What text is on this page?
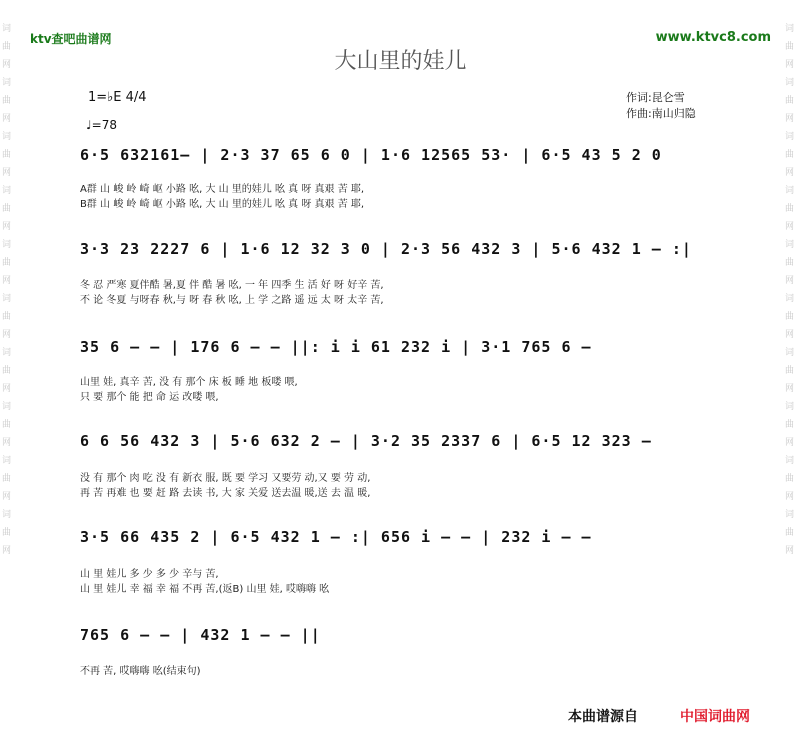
词曲网词曲网词曲网词曲网词曲网词曲网词曲网词曲网词曲网词曲网
词曲网词曲网词曲网词曲网词曲网词曲网词曲网词曲网词曲网词曲网
ktv查吧曲谱网	www.ktvc8.com
大山里的娃儿
1=♭E 4/4
♩=78
作词:昆仑雪
作曲:南山归隐
6·5 632161– | 2·3 37 65 6 0 | 1·6 12565 53· | 6·5 43 5 2 0
A群 山 峻 岭 崎 岖 小路 吆, 大 山 里的娃儿 吆 真 呀 真艰 苦 耶,
B群 山 峻 岭 崎 岖 小路 吆, 大 山 里的娃儿 吆 真 呀 真艰 苦 耶,
3·3 23 2227 6 | 1·6 12 32 3 0 | 2·3 56 432 3 | 5·6 432 1 – :|
冬 忍 严寒 夏伴酷 暑,夏 伴 酷 暑 吆, 一 年 四季 生 活 好 呀 好辛 苦,
不 论 冬夏 与呀春 秋,与 呀 春 秋 吆, 上 学 之路 遥 远 太 呀 太辛 苦,
35 6 – – | 176 6 – – ||: i i 61 232 i | 3·1 765 6 –
山里 娃, 真辛 苦, 没 有 那个 床 板 睡 地 板喽 喂,
只 要 那个 能 把 命 运 改喽 喂,
6 6 56 432 3 | 5·6 632 2 – | 3·2 35 2337 6 | 6·5 12 323 –
没 有 那个 肉 吃 没 有 新衣 服, 既 要 学习 又要劳 动,又 要 劳 动,
再 苦 再难 也 要 赶 路 去读 书, 大 家 关爱 送去温 暖,送 去 温 暖,
3·5 66 435 2 | 6·5 432 1 – :| 656 i – – | 232 i – –
山 里 娃儿 多 少 多 少 辛与 苦,
山 里 娃儿 幸 福 幸 福 不再 苦,(返B) 山里 娃, 哎嗨嗨 吆
765 6 – – | 432 1 – – ||
不再 苦, 哎嗨嗨 吆(结束句)
本曲谱源自	中国词曲网
